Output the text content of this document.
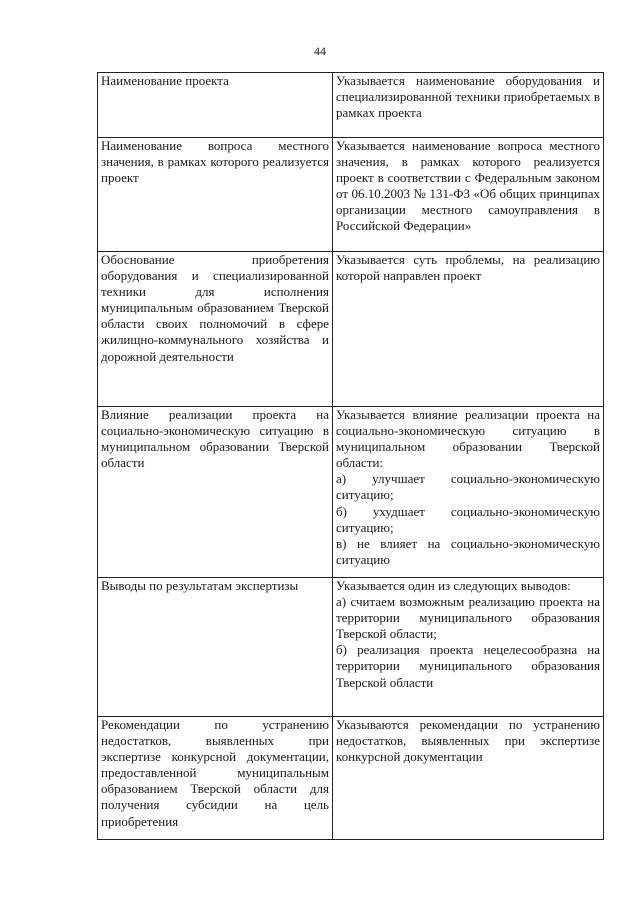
44
Наименование проекта	Указывается наименование оборудования и специализированной техники приобретаемых в рамках проекта
Наименование вопроса местного значения, в рамках которого реализуется проект	Указывается наименование вопроса местного значения, в рамках которого реализуется проект в соответствии с Федеральным законом от 06.10.2003 № 131-ФЗ «Об общих принципах организации местного самоуправления в Российской Федерации»
Обоснование приобретения оборудования и специализированной техники для исполнения муниципальным образованием Тверской области своих полномочий в сфере жилищно-коммунального хозяйства и дорожной деятельности	Указывается суть проблемы, на реализацию которой направлен проект
Влияние реализации проекта на социально-экономическую ситуацию в муниципальном образовании Тверской области	Указывается влияние реализации проекта на социально-экономическую ситуацию в муниципальном образовании Тверской области:
а) улучшает социально-экономическую ситуацию;
б) ухудшает социально-экономическую ситуацию;
в) не влияет на социально-экономическую ситуацию

Выводы по результатам экспертизы	Указывается один из следующих выводов:
а) считаем возможным реализацию проекта на территории муниципального образования Тверской области;
б) реализация проекта нецелесообразна на территории муниципального образования Тверской области

Рекомендации по устранению недостатков, выявленных при экспертизе конкурсной документации, предоставленной муниципальным образованием Тверской области для получения субсидии на цель приобретения	Указываются рекомендации по устранению недостатков, выявленных при экспертизе конкурсной документации
